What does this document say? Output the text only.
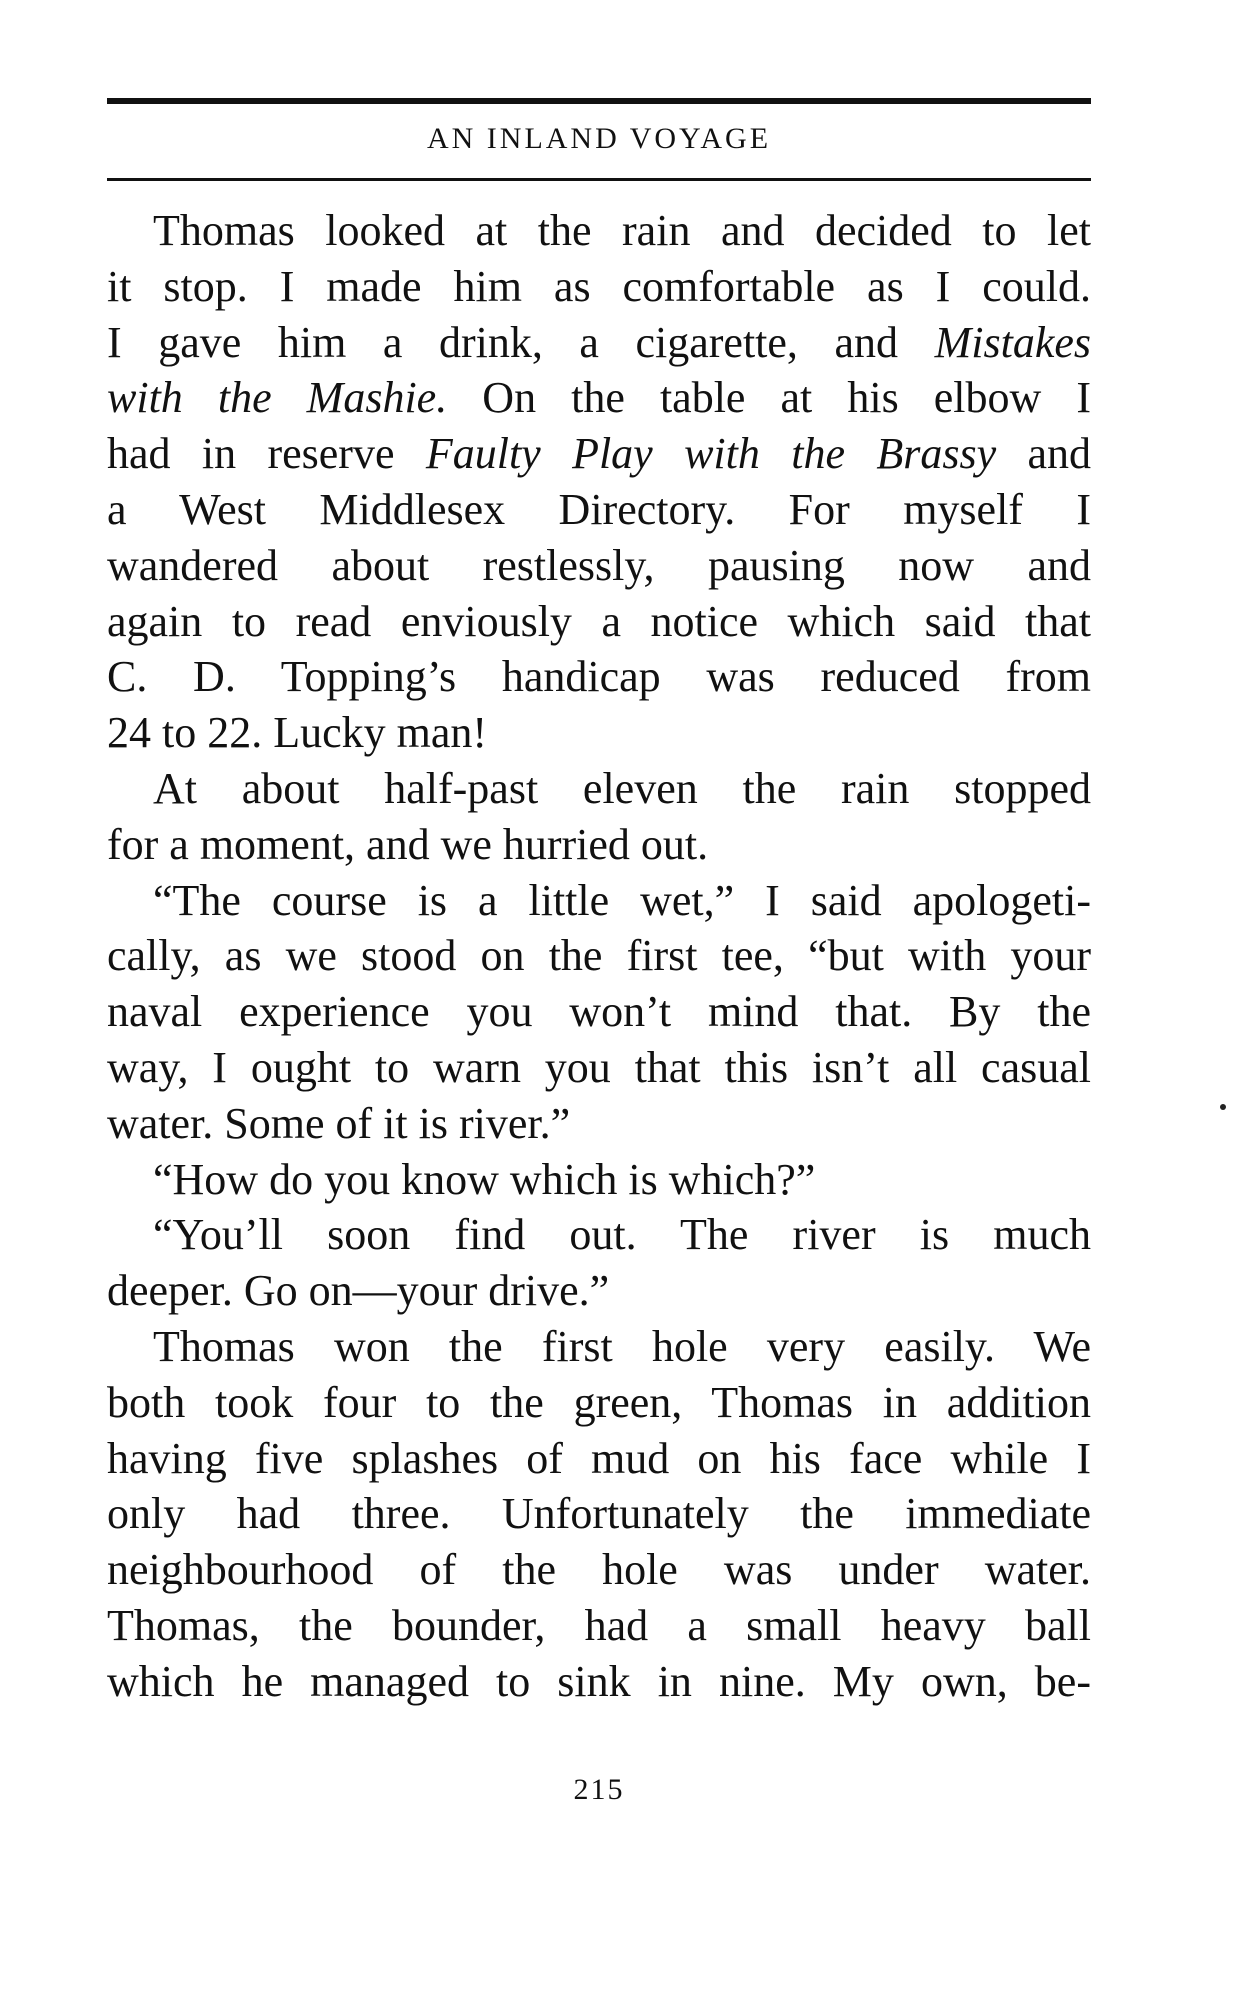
AN INLAND VOYAGE

Thomas looked at the rain and decided to let
it stop. I made him as comfortable as I could.
I gave him a drink, a cigarette, and Mistakes
with the Mashie. On the table at his elbow I
had in reserve Faulty Play with the Brassy and
a West Middlesex Directory. For myself I
wandered about restlessly, pausing now and
again to read enviously a notice which said that
C. D. Topping’s handicap was reduced from
24 to 22. Lucky man!

At about half-past eleven the rain stopped
for a moment, and we hurried out.

“The course is a little wet,” I said apologeti-
cally, as we stood on the first tee, “but with your
naval experience you won’t mind that. By the
way, I ought to warn you that this isn’t all casual
water. Some of it is river.”

“How do you know which is which?”

“You’ll soon find out. The river is much
deeper. Go on—your drive.”

Thomas won the first hole very easily. We
both took four to the green, Thomas in addition
having five splashes of mud on his face while I
only had three. Unfortunately the immediate
neighbourhood of the hole was under water.
Thomas, the bounder, had a small heavy ball
which he managed to sink in nine. My own, be-

215
